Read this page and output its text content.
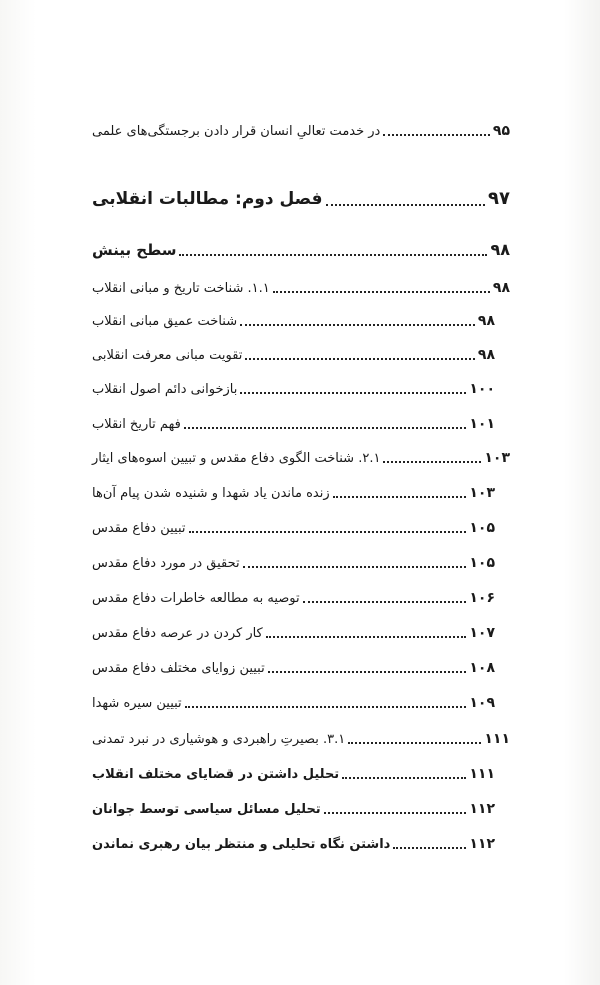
در خدمت تعالیِ انسان قرار دادن برجستگی‌های علمی	۹۵
فصل دوم: مطالبات انقلابی	۹۷
سطح بینش	۹۸
۱.۱. شناخت تاریخ و مبانی انقلاب	۹۸
شناخت عمیق مبانی انقلاب	۹۸
تقویت مبانی معرفت انقلابی	۹۸
بازخوانی دائم اصول انقلاب	۱۰۰
فهم تاریخ انقلاب	۱۰۱
۲.۱. شناخت الگوی دفاع مقدس و تبیین اسوه‌های ایثار	۱۰۳
زنده ماندن یاد شهدا و شنیده شدن پیام آن‌ها	۱۰۳
تبیین دفاع مقدس	۱۰۵
تحقیق در مورد دفاع مقدس	۱۰۵
توصیه به مطالعه خاطرات دفاع مقدس	۱۰۶
کار کردن در عرصه دفاع مقدس	۱۰۷
تبیین زوایای مختلف دفاع مقدس	۱۰۸
تبیین سیره شهدا	۱۰۹
۳.۱. بصیرتِ راهبردی و هوشیاری در نبرد تمدنی	۱۱۱
تحلیل داشتن در قضایای مختلف انقلاب	۱۱۱
تحلیل مسائل سیاسی توسط جوانان	۱۱۲
داشتن نگاه تحلیلی و منتظر بیان رهبری نماندن	۱۱۲
